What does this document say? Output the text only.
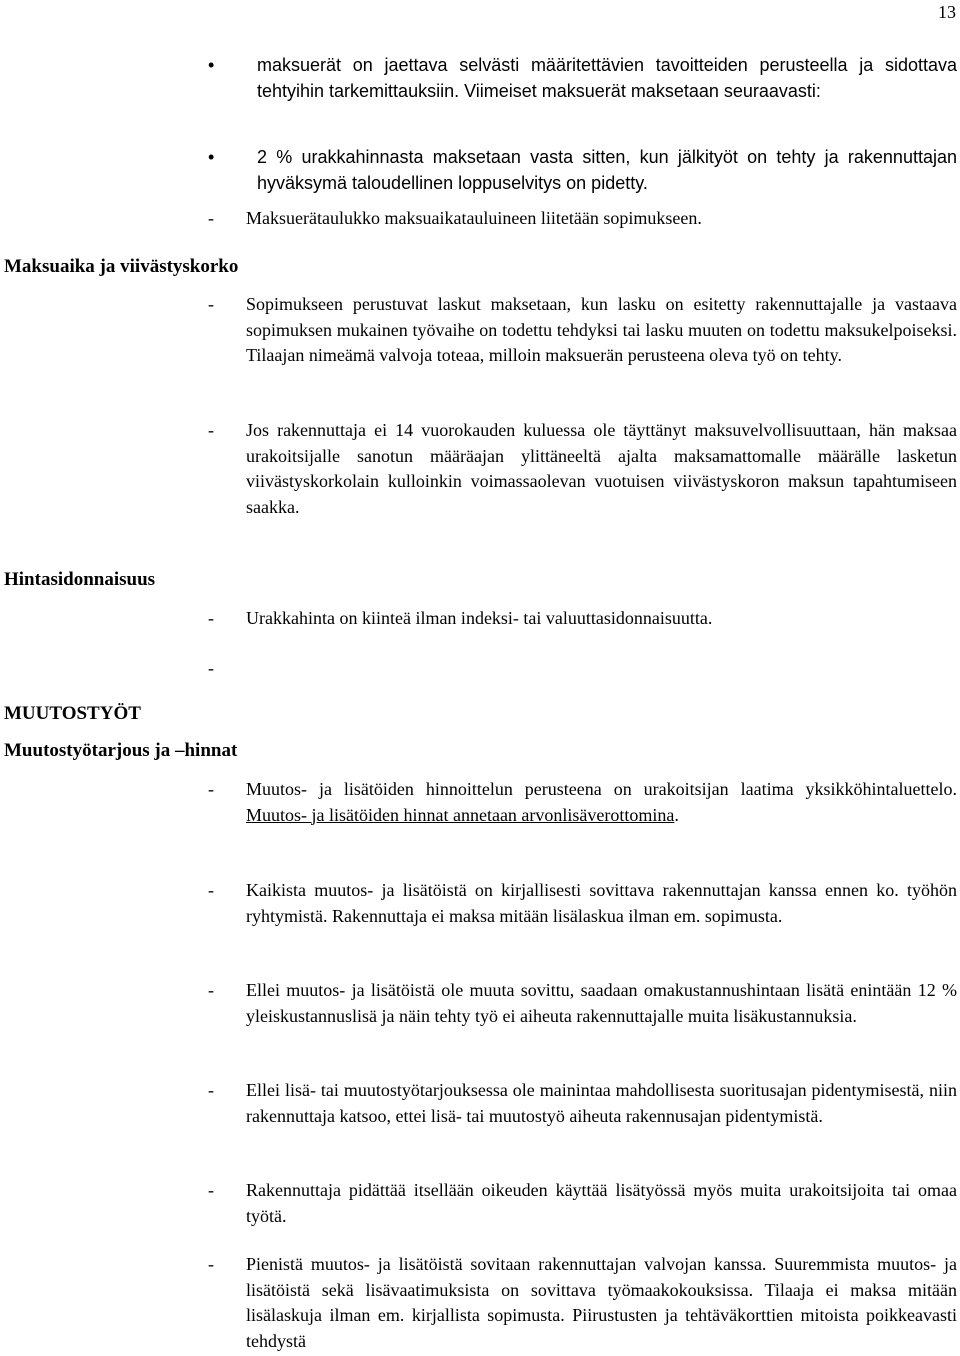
13
Maksuaika ja viivästyskorko
Hintasidonnaisuus
MUUTOSTYÖT
Muutostyötarjous ja –hinnat
• maksuerät on jaettava selvästi määritettävien tavoitteiden perusteella ja sidottava tehtyihin tarkemittauksiin. Viimeiset maksuerät maksetaan seuraavasti:
• 2 % urakkahinnasta maksetaan vasta sitten, kun jälkityöt on tehty ja rakennuttajan hyväksymä taloudellinen loppuselvitys on pidetty.
- Maksuerätaulukko maksuaikatauluineen liitetään sopimukseen.
- Sopimukseen perustuvat laskut maksetaan, kun lasku on esitetty rakennuttajalle ja vastaava sopimuksen mukainen työvaihe on todettu tehdyksi tai lasku muuten on todettu maksukelpoiseksi. Tilaajan nimeämä valvoja toteaa, milloin maksuerän perusteena oleva työ on tehty.
- Jos rakennuttaja ei 14 vuorokauden kuluessa ole täyttänyt maksuvelvollisuuttaan, hän maksaa urakoitsijalle sanotun määräajan ylittäneeltä ajalta maksamattomalle määrälle lasketun viivästyskorkolain kulloinkin voimassaolevan vuotuisen viivästyskoron maksun tapahtumiseen saakka.
- Urakkahinta on kiinteä ilman indeksi- tai valuuttasidonnaisuutta.
-
- Muutos- ja lisätöiden hinnoittelun perusteena on urakoitsijan laatima yksikköhintaluettelo. Muutos- ja lisätöiden hinnat annetaan arvonlisäverottomina.
- Kaikista muutos- ja lisätöistä on kirjallisesti sovittava rakennuttajan kanssa ennen ko. työhön ryhtymistä. Rakennuttaja ei maksa mitään lisälaskua ilman em. sopimusta.
- Ellei muutos- ja lisätöistä ole muuta sovittu, saadaan omakustannushintaan lisätä enintään 12 % yleiskustannuslisä ja näin tehty työ ei aiheuta rakennuttajalle muita lisäkustannuksia.
- Ellei lisä- tai muutostyötarjouksessa ole mainintaa mahdollisesta suoritusajan pidentymisestä, niin rakennuttaja katsoo, ettei lisä- tai muutostyö aiheuta rakennusajan pidentymistä.
- Rakennuttaja pidättää itsellään oikeuden käyttää lisätyössä myös muita urakoitsijoita tai omaa työtä.
- Pienistä muutos- ja lisätöistä sovitaan rakennuttajan valvojan kanssa. Suuremmista muutos- ja lisätöistä sekä lisävaatimuksista on sovittava työmaakokouksissa. Tilaaja ei maksa mitään lisälaskuja ilman em. kirjallista sopimusta. Piirustusten ja tehtäväkorttien mitoista poikkeavasti tehdystä
